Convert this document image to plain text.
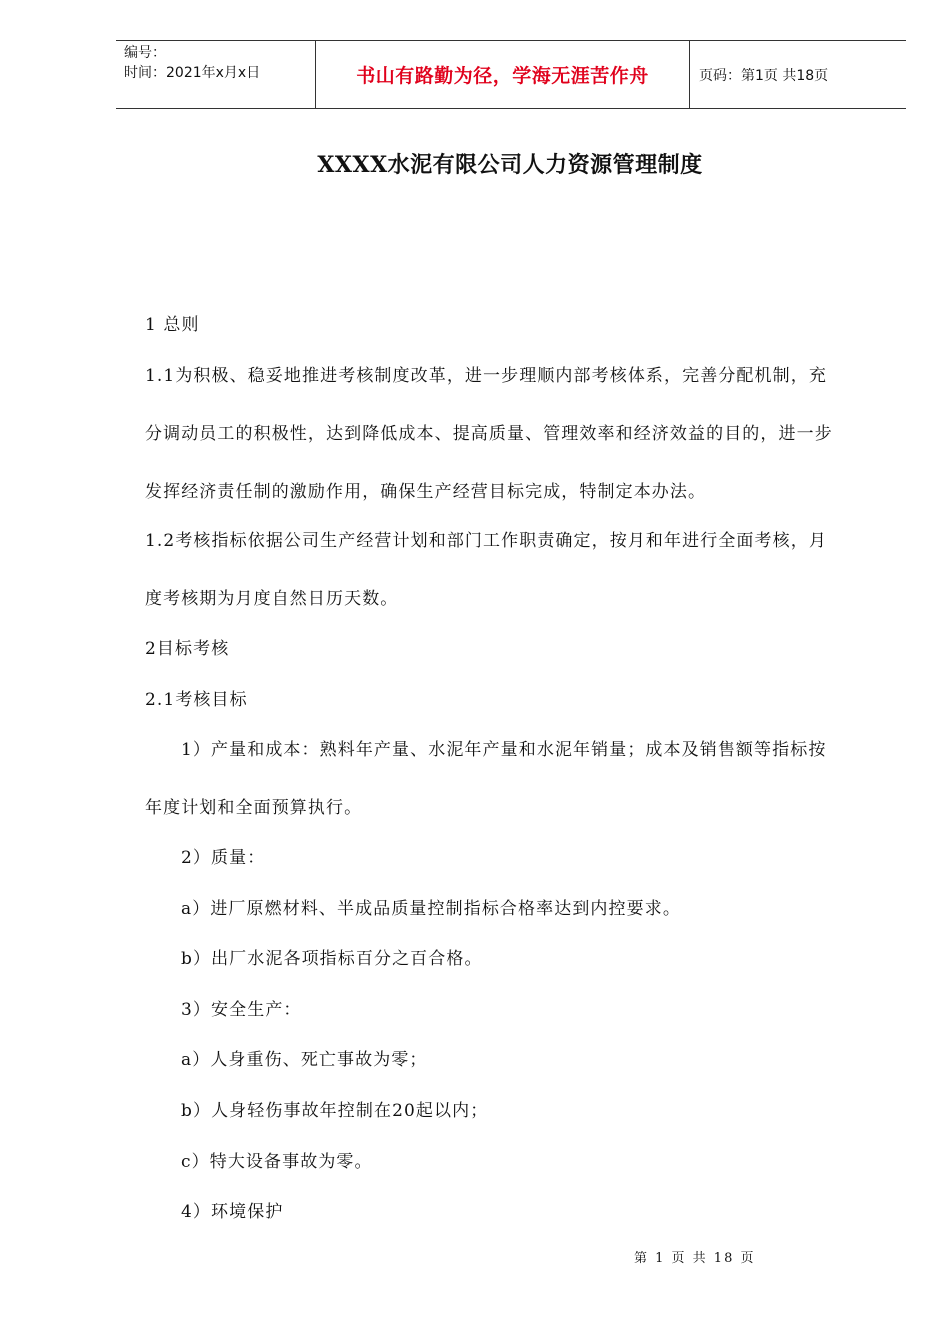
编号：
时间：2021年x月x日	书山有路勤为径，学海无涯苦作舟	页码：第1页 共18页
XXXX水泥有限公司人力资源管理制度
1 总则
1.1为积极、稳妥地推进考核制度改革，进一步理顺内部考核体系，完善分配机制，充
分调动员工的积极性，达到降低成本、提高质量、管理效率和经济效益的目的，进一步
发挥经济责任制的激励作用，确保生产经营目标完成，特制定本办法。
1.2考核指标依据公司生产经营计划和部门工作职责确定，按月和年进行全面考核，月
度考核期为月度自然日历天数。
2目标考核
2.1考核目标
1）产量和成本：熟料年产量、水泥年产量和水泥年销量；成本及销售额等指标按
年度计划和全面预算执行。
2）质量：
a）进厂原燃材料、半成品质量控制指标合格率达到内控要求。
b）出厂水泥各项指标百分之百合格。
3）安全生产：
a）人身重伤、死亡事故为零；
b）人身轻伤事故年控制在20起以内；
c）特大设备事故为零。
4）环境保护
第 1 页 共 18 页
